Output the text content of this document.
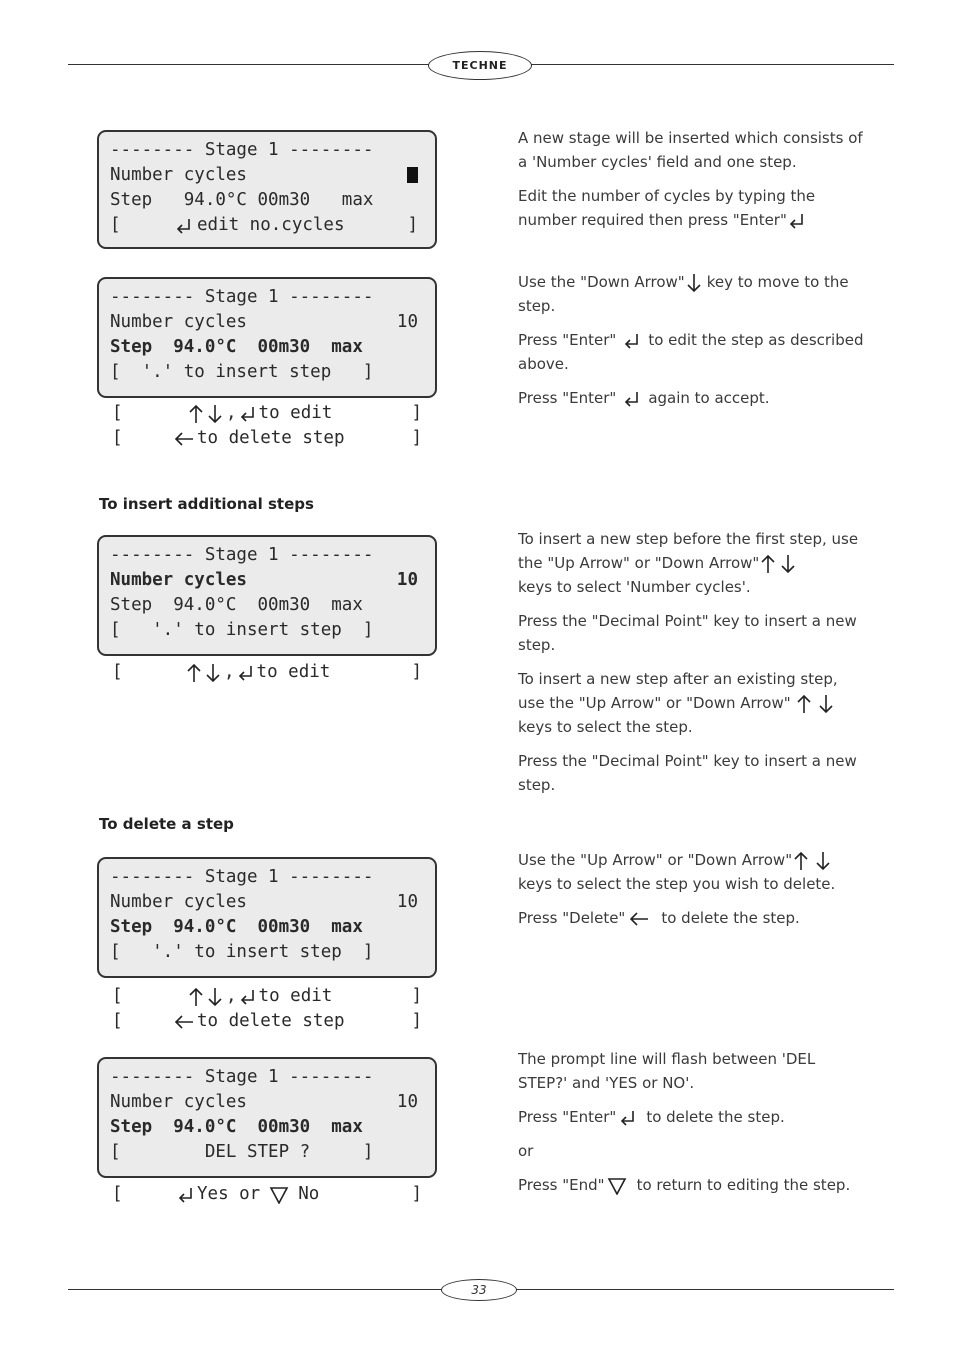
TECHNE
33
-------- Stage 1 --------
Number cycles
Step   94.0°C 00m30   max
[	edit no.cycles	]

A new stage will be inserted which consists of a 'Number cycles' field and one step.

Edit the number of cycles by typing the number required then press "Enter"

-------- Stage 1 --------
Number cycles	10
Step  94.0°C  00m30  max
[  '.' to insert step   ]

[

	, to edit

	]

[

	to delete step

	]

Use the "Down Arrow" key to move to the step.

Press "Enter" to edit the step as described above.

Press "Enter" again to accept.

To insert additional steps
-------- Stage 1 --------
Number cycles	10
Step  94.0°C  00m30  max
[   '.' to insert step  ]

[

	, to edit

	]

To insert a new step before the first step, use the "Up Arrow" or "Down Arrow"

keys to select 'Number cycles'.

Press the "Decimal Point" key to insert a new step.

To insert a new step after an existing step, use the "Up Arrow" or "Down Arrow"

keys to select the step.

Press the "Decimal Point" key to insert a new step.

To delete a step
-------- Stage 1 --------
Number cycles	10
Step  94.0°C  00m30  max
[   '.' to insert step  ]

[

	, to edit

	]

[

	to delete step

	]

Use the "Up Arrow" or "Down Arrow"

keys to select the step you wish to delete.

Press "Delete" to delete the step.

-------- Stage 1 --------
Number cycles	10
Step  94.0°C  00m30  max
[        DEL STEP ?     ]

[

	Yes or No

	]

The prompt line will flash between 'DEL STEP?' and 'YES or NO'.

Press "Enter" to delete the step.

or

Press "End" to return to editing the step.
